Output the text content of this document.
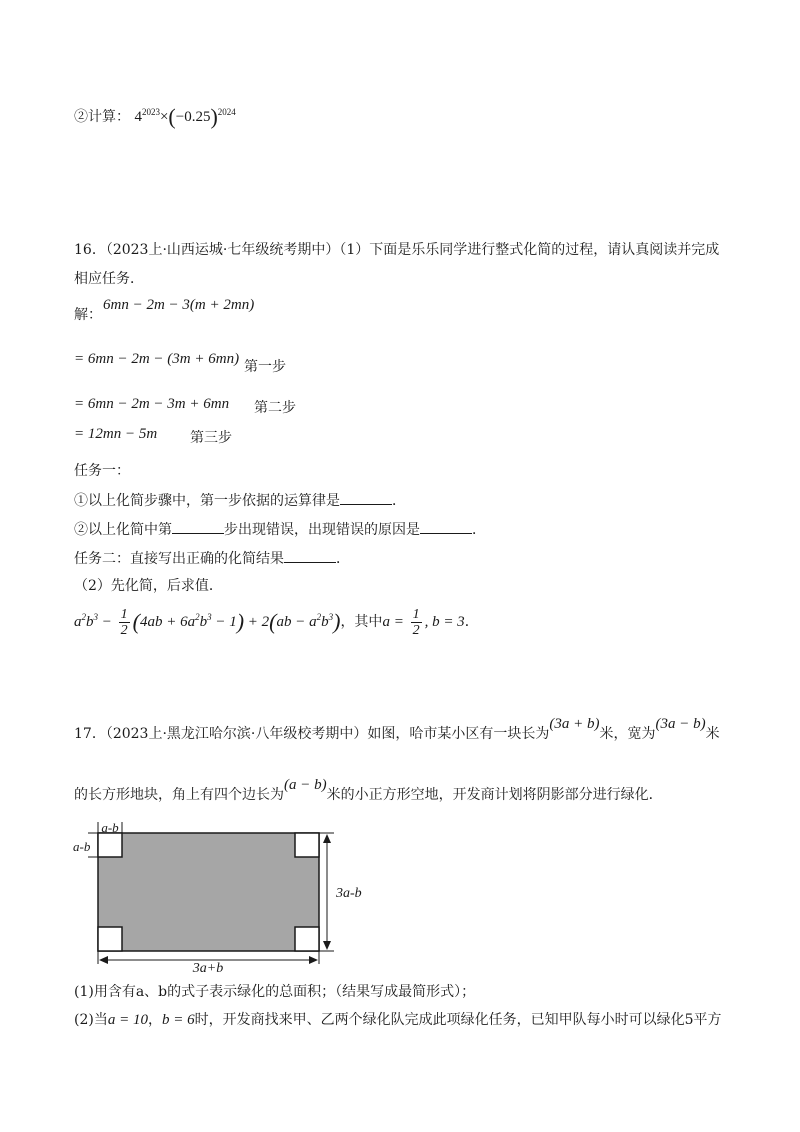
②计算： $4^{2023}\times(-0.25)^{2024}$
16．（2023上·山西运城·七年级统考期中）（1）下面是乐乐同学进行整式化简的过程，请认真阅读并完成
相应任务．
解：
6mn − 2m − 3(m + 2mn)
= 6mn − 2m − (3m + 6mn) 第一步
= 6mn − 2m − 3m + 6mn 第二步
= 12mn − 5m 第三步
任务一：
①以上化简步骤中，第一步依据的运算律是	．
②以上化简中第	步出现错误，出现错误的原因是	．
任务二：直接写出正确的化简结果	．
（2）先化简，后求值．
$a^2b^3 - \frac{1}{2} (4ab + 6a^2b^3 - 1) + 2(ab - a^2b^3)$，其中$a = \frac{1}{2}$ , b = 3．
17．（2023上·黑龙江哈尔滨·八年级校考期中）如图，哈市某小区有一块长为(3a + b)米，宽为(3a − b)米
的长方形地块，角上有四个边长为(a − b)米的小正方形空地，开发商计划将阴影部分进行绿化．
a-b
a-b
3a-b
3a+b
(1)用含有a、b的式子表示绿化的总面积；（结果写成最简形式）；
(2)当a = 10，b = 6时，开发商找来甲、乙两个绿化队完成此项绿化任务，已知甲队每小时可以绿化5平方
